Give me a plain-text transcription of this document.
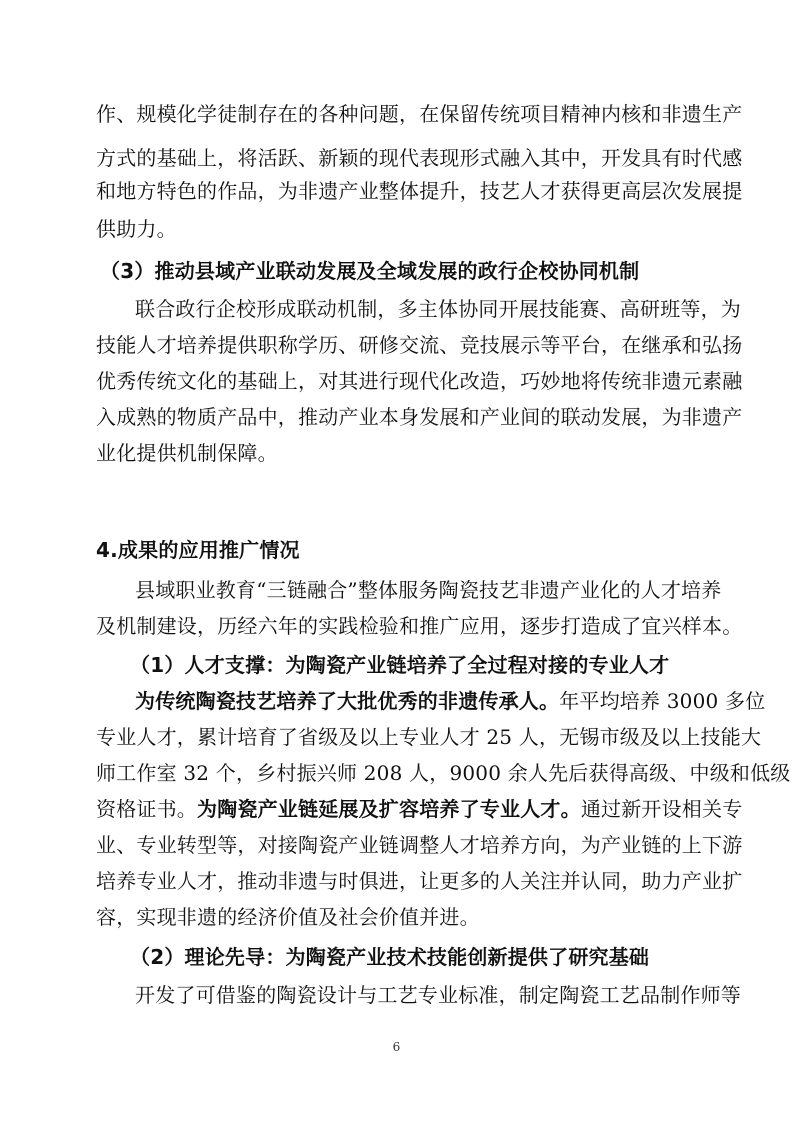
作、规模化学徒制存在的各种问题，在保留传统项目精神内核和非遗生产
方式的基础上，将活跃、新颖的现代表现形式融入其中，开发具有时代感
和地方特色的作品，为非遗产业整体提升，技艺人才获得更高层次发展提
供助力。
（3）推动县域产业联动发展及全域发展的政行企校协同机制
联合政行企校形成联动机制，多主体协同开展技能赛、高研班等，为
技能人才培养提供职称学历、研修交流、竞技展示等平台，在继承和弘扬
优秀传统文化的基础上，对其进行现代化改造，巧妙地将传统非遗元素融
入成熟的物质产品中，推动产业本身发展和产业间的联动发展，为非遗产
业化提供机制保障。
4.成果的应用推广情况
县域职业教育“三链融合”整体服务陶瓷技艺非遗产业化的人才培养
及机制建设，历经六年的实践检验和推广应用，逐步打造成了宜兴样本。
（1）人才支撑：为陶瓷产业链培养了全过程对接的专业人才
为传统陶瓷技艺培养了大批优秀的非遗传承人。年平均培养 3000 多位
专业人才，累计培育了省级及以上专业人才 25 人，无锡市级及以上技能大
师工作室 32 个，乡村振兴师 208 人，9000 余人先后获得高级、中级和低级
资格证书。为陶瓷产业链延展及扩容培养了专业人才。通过新开设相关专
业、专业转型等，对接陶瓷产业链调整人才培养方向，为产业链的上下游
培养专业人才，推动非遗与时俱进，让更多的人关注并认同，助力产业扩
容，实现非遗的经济价值及社会价值并进。
（2）理论先导：为陶瓷产业技术技能创新提供了研究基础
开发了可借鉴的陶瓷设计与工艺专业标准，制定陶瓷工艺品制作师等
6
